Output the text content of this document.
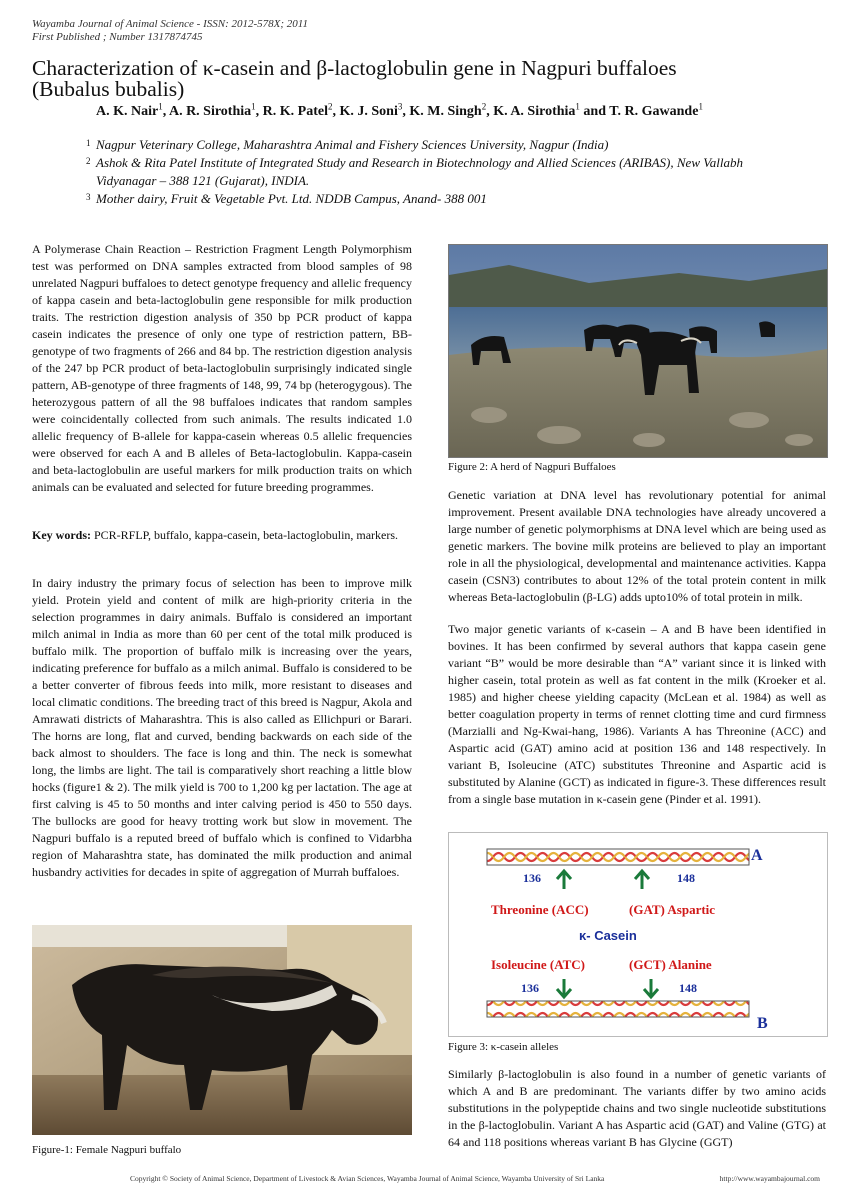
Wayamba Journal of Animal Science - ISSN: 2012-578X; 2011
First Published ; Number 1317874745
Characterization of κ-casein and β-lactoglobulin gene in Nagpuri buffaloes
(Bubalus bubalis)
A. K. Nair$^1$, A. R. Sirothia$^1$, R. K. Patel$^2$, K. J. Soni$^3$, K. M. Singh$^2$, K. A. Sirothia$^1$ and T. R. Gawande$^1$
1 Nagpur Veterinary College, Maharashtra Animal and Fishery Sciences University, Nagpur (India)
2 Ashok & Rita Patel Institute of Integrated Study and Research in Biotechnology and Allied Sciences (ARIBAS), New Vallabh
Vidyanagar – 388 121 (Gujarat), INDIA.
3 Mother dairy, Fruit & Vegetable Pvt. Ltd. NDDB Campus, Anand- 388 001

A Polymerase Chain Reaction – Restriction Fragment Length Polymorphism test was performed on DNA samples extracted from blood samples of 98 unrelated Nagpuri buffaloes to detect genotype frequency and allelic frequency of kappa casein and beta-lactoglobulin gene responsible for milk production traits. The restriction digestion analysis of 350 bp PCR product of kappa casein indicates the presence of only one type of restriction pattern, BB-genotype of two fragments of 266 and 84 bp. The restriction digestion analysis of the 247 bp PCR product of beta-lactoglobulin surprisingly indicated single pattern, AB-genotype of three fragments of 148, 99, 74 bp (heterogygous). The heterozygous pattern of all the 98 buffaloes indicates that random samples were coincidentally collected from such animals. The results indicated 1.0 allelic frequency of B-allele for kappa-casein whereas 0.5 allelic frequencies were observed for each A and B alleles of Beta-lactoglobulin. Kappa-casein and beta-lactoglobulin are useful markers for milk production traits on which animals can be evaluated and selected for future breeding programmes.

Key words: PCR-RFLP, buffalo, kappa-casein, beta-lactoglobulin, markers.

In dairy industry the primary focus of selection has been to improve milk yield. Protein yield and content of milk are high-priority criteria in the selection programmes in dairy animals. Buffalo is considered an important milch animal in India as more than 60 per cent of the total milk produced is buffalo milk. The proportion of buffalo milk is increasing over the years, indicating preference for buffalo as a milch animal. Buffalo is considered to be a better converter of fibrous feeds into milk, more resistant to diseases and local climatic conditions. The breeding tract of this breed is Nagpur, Akola and Amrawati districts of Maharashtra. This is also called as Ellichpuri or Barari. The horns are long, flat and curved, bending backwards on each side of the back almost to shoulders. The face is long and thin. The neck is somewhat long, the limbs are light. The tail is comparatively short reaching a little blow hocks (figure1 & 2). The milk yield is 700 to 1,200 kg per lactation. The age at first calving is 45 to 50 months and inter calving period is 450 to 550 days. The bullocks are good for heavy trotting work but slow in movement. The Nagpuri buffalo is a reputed breed of buffalo which is confined to Vidarbha region of Maharashtra state, has dominated the milk production and animal husbandry activities for decades in spite of aggregation of Murrah buffaloes.

Figure-1: Female Nagpuri buffalo
Figure 2: A herd of Nagpuri Buffaloes

Genetic variation at DNA level has revolutionary potential for animal improvement. Present available DNA technologies have already uncovered a large number of genetic polymorphisms at DNA level which are being used as genetic markers. The bovine milk proteins are believed to play an important role in all the physiological, developmental and maintenance activities. Kappa casein (CSN3) contributes to about 12% of the total protein content in milk whereas Beta-lactoglobulin (β-LG) adds upto10% of total protein in milk.

Two major genetic variants of κ-casein – A and B have been identified in bovines. It has been confirmed by several authors that kappa casein gene variant “B” would be more desirable than “A” variant since it is linked with higher casein, total protein as well as fat content in the milk (Kroeker et al. 1985) and higher cheese yielding capacity (McLean et al. 1984) as well as better coagulation property in terms of rennet clotting time and curd firmness (Marzialli and Ng-Kwai-hang, 1986). Variants A has Threonine (ACC) and Aspartic acid (GAT) amino acid at position 136 and 148 respectively. In variant B, Isoleucine (ATC) substitutes Threonine and Aspartic acid is substituted by Alanine (GCT) as indicated in figure-3. These differences result from a single base mutation in κ-casein gene (Pinder et al. 1991).

A
B
136	148
Threonine (ACC)	(GAT) Aspartic
κ- Casein
Isoleucine (ATC)	(GCT) Alanine
136	148
Figure 3: κ-casein alleles

Similarly β-lactoglobulin is also found in a number of genetic variants of which A and B are predominant. The variants differ by two amino acids substitutions in the polypeptide chains and two single nucleotide substitutions in the β-lactoglobulin. Variant A has Aspartic acid (GAT) and Valine (GTG) at 64 and 118 positions whereas variant B has Glycine (GGT)

Copyright © Society of Animal Science, Department of Livestock & Avian Sciences, Wayamba Journal of Animal Science, Wayamba University of Sri Lanka	http://www.wayambajournal.com
